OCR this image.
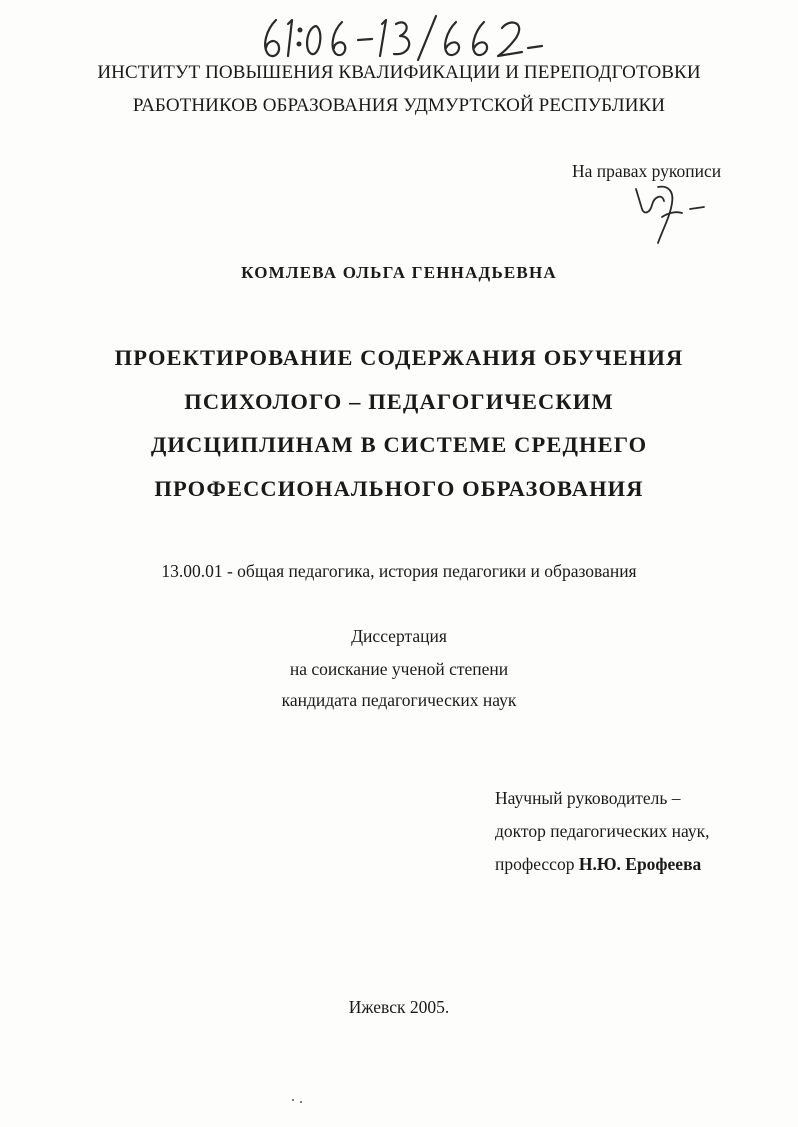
ИНСТИТУТ ПОВЫШЕНИЯ КВАЛИФИКАЦИИ И ПЕРЕПОДГОТОВКИ
РАБОТНИКОВ ОБРАЗОВАНИЯ УДМУРТСКОЙ РЕСПУБЛИКИ
На правах рукописи
КОМЛЕВА ОЛЬГА ГЕННАДЬЕВНА
ПРОЕКТИРОВАНИЕ СОДЕРЖАНИЯ ОБУЧЕНИЯ
ПСИХОЛОГО – ПЕДАГОГИЧЕСКИМ
ДИСЦИПЛИНАМ В СИСТЕМЕ СРЕДНЕГО
ПРОФЕССИОНАЛЬНОГО ОБРАЗОВАНИЯ
13.00.01 - общая педагогика, история педагогики и образования
Диссертация
на соискание ученой степени
кандидата педагогических наук
Научный руководитель –
доктор педагогических наук,
профессор Н.Ю. Ерофеева
Ижевск 2005.
